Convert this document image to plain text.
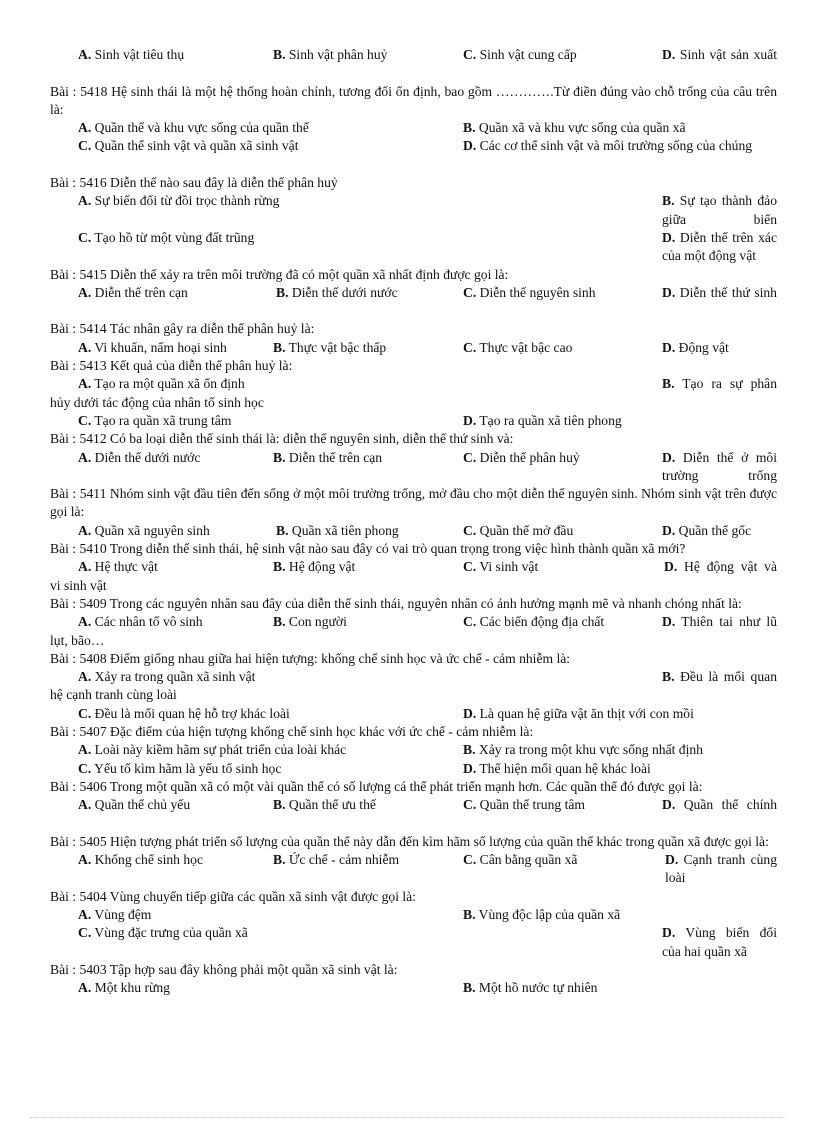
A. Sinh vật tiêu thụ	B. Sinh vật phân huỷ	C. Sinh vật cung cấp	D. Sinh vật sản xuất
Bài : 5418 Hệ sinh thái là một hệ thống hoàn chỉnh, tương đối ổn định, bao gồm ………….Từ điền đúng vào chỗ trống của câu trên là:
A. Quần thể và khu vực sống của quần thể	B. Quần xã và khu vực sống của quần xã
C. Quần thể sinh vật và quần xã sinh vật	D. Các cơ thể sinh vật và môi trường sống của chúng
Bài : 5416 Diễn thế nào sau đây là diễn thế phân huỷ
A. Sự biến đổi từ đồi trọc thành rừng	B. Sự tạo thành đảo giữa biển
C. Tạo hồ từ một vùng đất trũng	D. Diễn thế trên xác của một động vật
Bài : 5415 Diễn thế xảy ra trên môi trường đã có một quần xã nhất định được gọi là:
A. Diễn thế trên cạn	B. Diễn thế dưới nước	C. Diễn thế nguyên sinh	D. Diễn thế thứ sinh
Bài : 5414 Tác nhân gây ra diễn thế phân huỷ là:
A. Vi khuẩn, nấm hoại sinh	B. Thực vật bậc thấp	C. Thực vật bậc cao	D. Động vật
Bài : 5413 Kết quả của diễn thế phân huỷ là:
A. Tạo ra một quần xã ổn định	B. Tạo ra sự phân hủy dưới tác động của nhân tố sinh học
C. Tạo ra quần xã trung tâm	D. Tạo ra quần xã tiên phong
Bài : 5412 Có ba loại diễn thế sinh thái là: diễn thế nguyên sinh, diễn thế thứ sinh và:
A. Diễn thế dưới nước	B. Diễn thế trên cạn	C. Diễn thế phân huỷ	D. Diễn thế ở môi trường trống
Bài : 5411 Nhóm sinh vật đầu tiên đến sống ở một môi trường trống, mở đầu cho một diễn thế nguyên sinh. Nhóm sinh vật trên được gọi là:
A. Quần xã nguyên sinh	B. Quần xã tiên phong	C. Quần thể mở đầu	D. Quần thể gốc
Bài : 5410 Trong diễn thế sinh thái, hệ sinh vật nào sau đây có vai trò quan trọng trong việc hình thành quần xã mới?
A. Hệ thực vật	B. Hệ động vật	C. Vi sinh vật	D. Hệ động vật và vi sinh vật
Bài : 5409 Trong các nguyên nhân sau đây của diễn thế sinh thái, nguyên nhân có ảnh hưởng mạnh mẽ và nhanh chóng nhất là:
A. Các nhân tố vô sinh	B. Con người	C. Các biến động địa chất	D. Thiên tai như lũ lụt, bão…
Bài : 5408 Điểm giống nhau giữa hai hiện tượng: khống chế sinh học và ức chế - cảm nhiễm là:
A. Xảy ra trong quần xã sinh vật	B. Đều là mối quan hệ cạnh tranh cùng loài
C. Đều là mối quan hệ hỗ trợ khác loài	D. Là quan hệ giữa vật ăn thịt với con mồi
Bài : 5407 Đặc điểm của hiện tượng khống chế sinh học khác với ức chế - cảm nhiễm là:
A. Loài này kiềm hãm sự phát triển của loài khác	B. Xảy ra trong một khu vực sống nhất định
C. Yếu tố kìm hãm là yếu tố sinh học	D. Thể hiện mối quan hệ khác loài
Bài : 5406 Trong một quần xã có một vài quần thể có số lượng cá thể phát triển mạnh hơn. Các quần thể đó được gọi là:
A. Quần thể chủ yếu	B. Quần thể ưu thế	C. Quần thể trung tâm	D. Quần thể chính
Bài : 5405 Hiện tượng phát triển số lượng của quần thể này dẫn đến kìm hãm số lượng của quần thể khác trong quần xã được gọi là:
A. Khống chế sinh học	B. Ức chế - cảm nhiễm	C. Cân bằng quần xã	D. Cạnh tranh cùng loài
Bài : 5404 Vùng chuyển tiếp giữa các quần xã sinh vật được gọi là:
A. Vùng đệm	B. Vùng độc lập của quần xã
C. Vùng đặc trưng của quần xã	D. Vùng biến đổi của hai quần xã
Bài : 5403 Tập hợp sau đây không phải một quần xã sinh vật là:
A. Một khu rừng	B. Một hồ nước tự nhiên
